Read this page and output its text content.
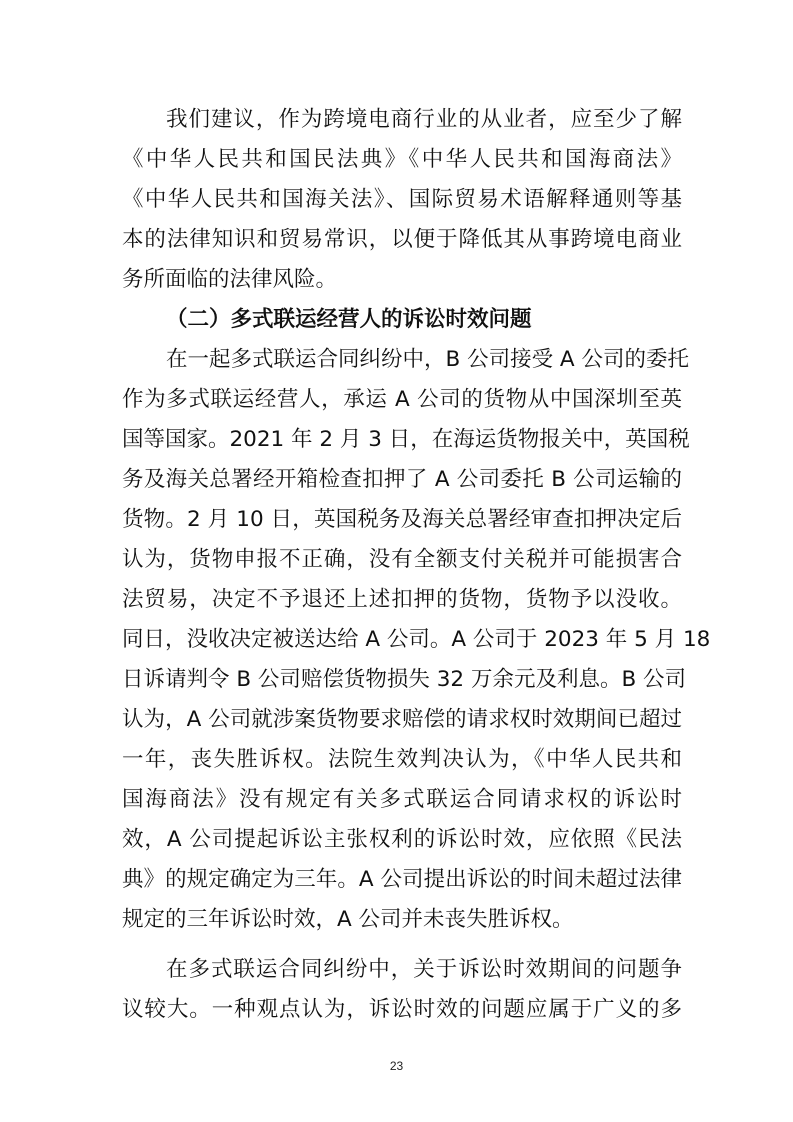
我们建议，作为跨境电商行业的从业者，应至少了解
《中华人民共和国民法典》《中华人民共和国海商法》
《中华人民共和国海关法》、国际贸易术语解释通则等基
本的法律知识和贸易常识，以便于降低其从事跨境电商业
务所面临的法律风险。
（二）多式联运经营人的诉讼时效问题
在一起多式联运合同纠纷中，B 公司接受 A 公司的委托
作为多式联运经营人，承运 A 公司的货物从中国深圳至英
国等国家。2021 年 2 月 3 日，在海运货物报关中，英国税
务及海关总署经开箱检查扣押了 A 公司委托 B 公司运输的
货物。2 月 10 日，英国税务及海关总署经审查扣押决定后
认为，货物申报不正确，没有全额支付关税并可能损害合
法贸易，决定不予退还上述扣押的货物，货物予以没收。
同日，没收决定被送达给 A 公司。A 公司于 2023 年 5 月 18
日诉请判令 B 公司赔偿货物损失 32 万余元及利息。B 公司
认为，A 公司就涉案货物要求赔偿的请求权时效期间已超过
一年，丧失胜诉权。法院生效判决认为，《中华人民共和
国海商法》没有规定有关多式联运合同请求权的诉讼时
效，A 公司提起诉讼主张权利的诉讼时效，应依照《民法
典》的规定确定为三年。A 公司提出诉讼的时间未超过法律
规定的三年诉讼时效，A 公司并未丧失胜诉权。
在多式联运合同纠纷中，关于诉讼时效期间的问题争
议较大。一种观点认为，诉讼时效的问题应属于广义的多
23
